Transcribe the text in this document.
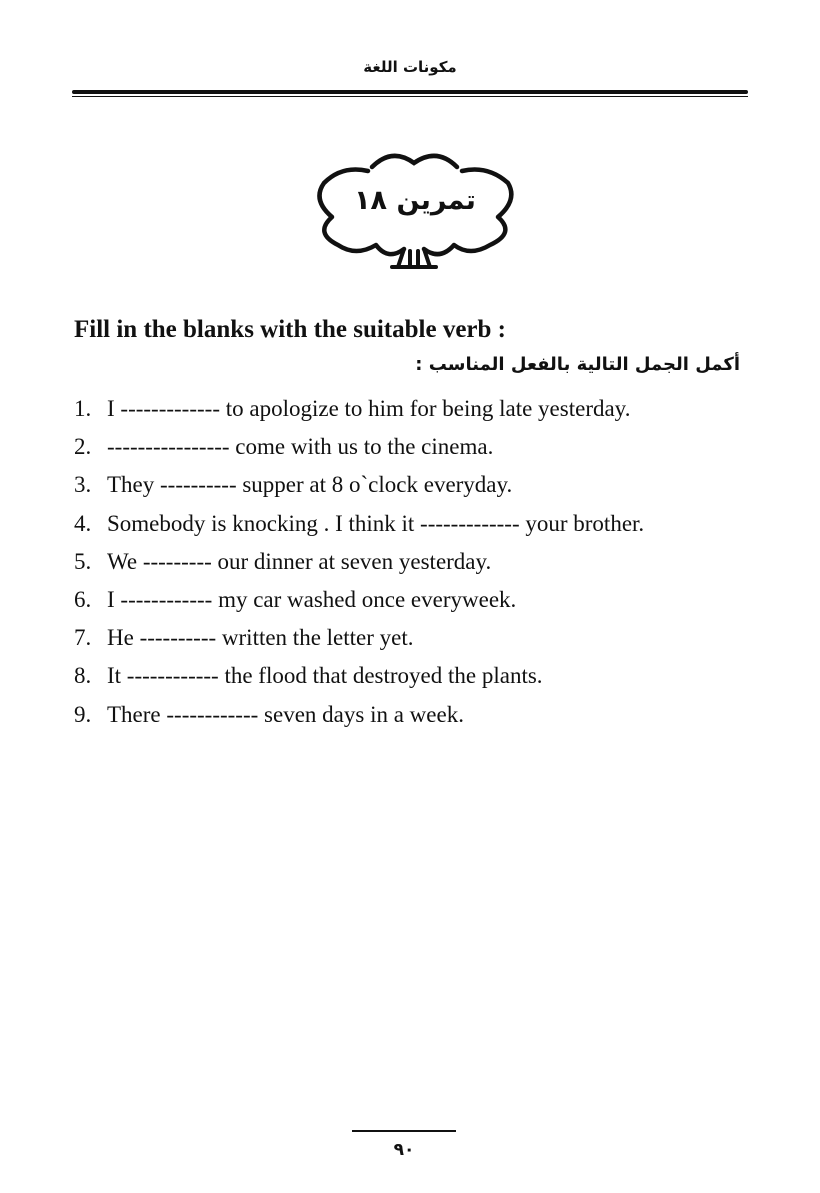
مكونات اللغة
تمرين ١٨
Fill in the blanks with the suitable verb :
أكمل الجمل التالية بالفعل المناسب :
1. I ------------- to apologize to him for being late yesterday.
2. ---------------- come with us to the cinema.
3. They ---------- supper at 8 o`clock everyday.
4. Somebody is knocking . I think it ------------- your brother.
5. We --------- our dinner at seven yesterday.
6. I ------------ my car washed once everyweek.
7. He ---------- written the letter yet.
8. It ------------ the flood that destroyed the plants.
9. There ------------ seven days in a week.
٩٠
